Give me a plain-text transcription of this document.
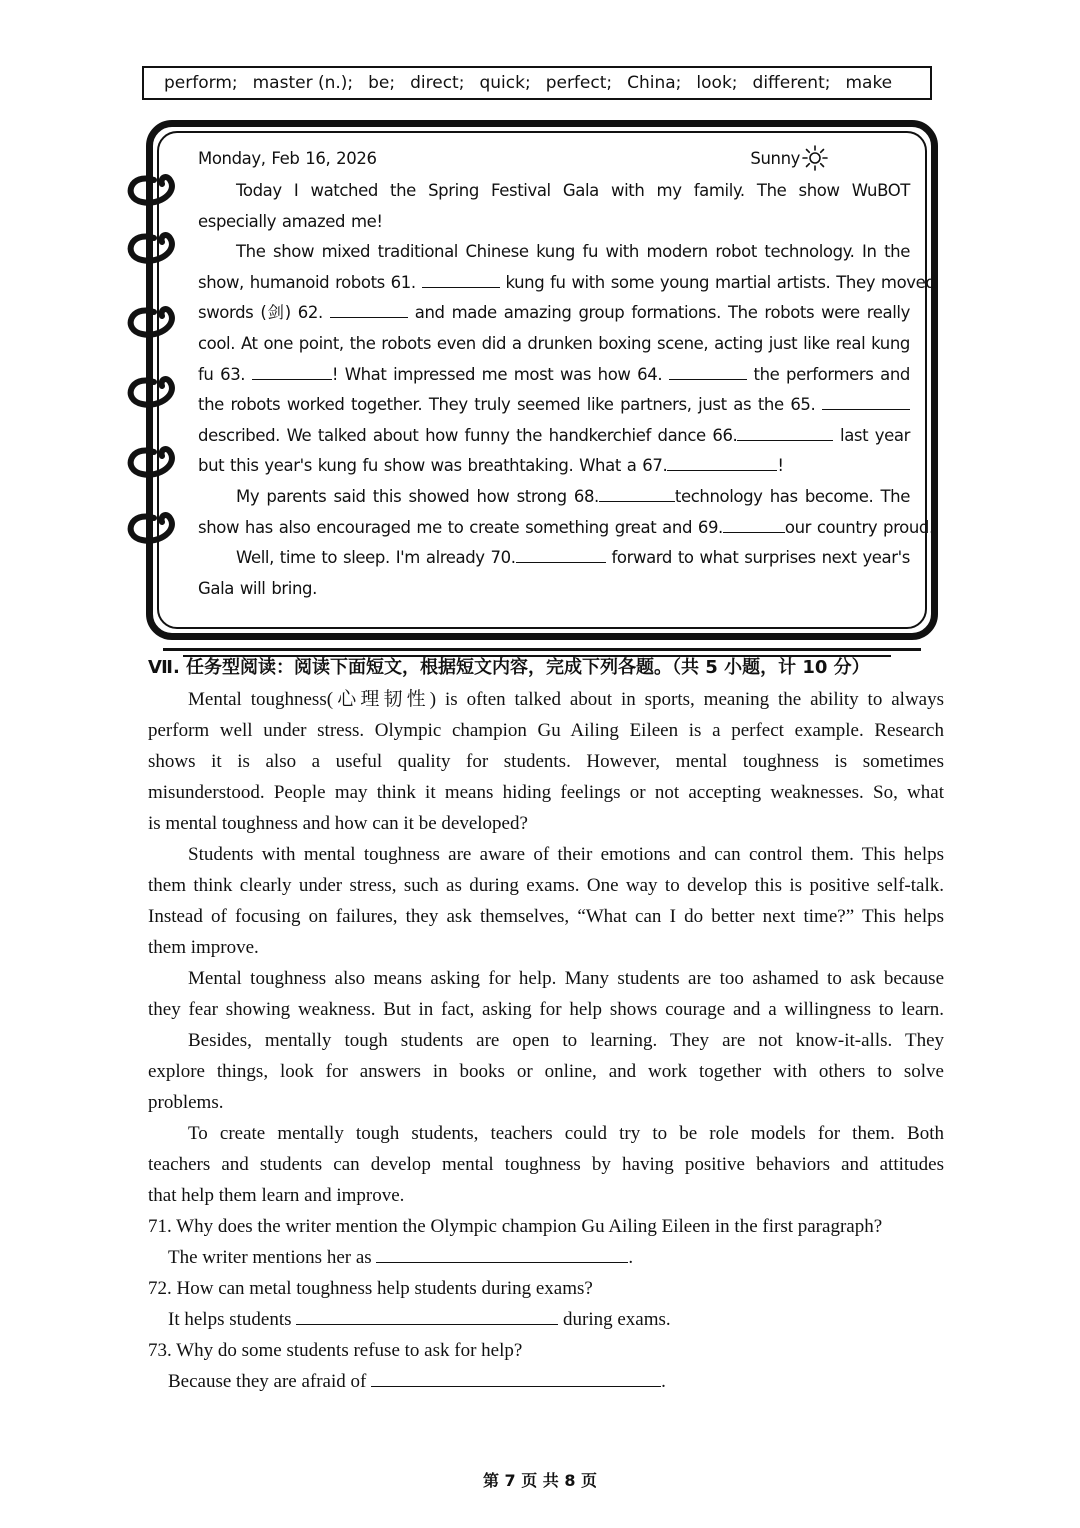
perform; master (n.); be; direct; quick; perfect; China; look; different; make
Monday, Feb 16, 2026	Sunny
Today I watched the Spring Festival Gala with my family. The show WuBOT
especially amazed me!
The show mixed traditional Chinese kung fu with modern robot technology. In the
show, humanoid robots 61.	kung fu with some young martial artists. They moved
swords (剑) 62.	and made amazing group formations. The robots were really
cool. At one point, the robots even did a drunken boxing scene, acting just like real kung
fu 63.	! What impressed me most was how 64.	the performers and
the robots worked together. They truly seemed like partners, just as the 65.
described. We talked about how funny the handkerchief dance 66.	last year
but this year's kung fu show was breathtaking. What a 67.	!
My parents said this showed how strong 68.	technology has become. The
show has also encouraged me to create something great and 69.	our country proud.
Well, time to sleep. I'm already 70.	forward to what surprises next year's
Gala will bring.
Ⅶ. 任务型阅读：阅读下面短文，根据短文内容，完成下列各题。（共 5 小题，计 10 分）
Mental toughness(心理韧性) is often talked about in sports, meaning the ability to always
perform well under stress. Olympic champion Gu Ailing Eileen is a perfect example. Research
shows it is also a useful quality for students. However, mental toughness is sometimes
misunderstood. People may think it means hiding feelings or not accepting weaknesses. So, what
is mental toughness and how can it be developed?
Students with mental toughness are aware of their emotions and can control them. This helps
them think clearly under stress, such as during exams. One way to develop this is positive self-talk.
Instead of focusing on failures, they ask themselves, “What can I do better next time?” This helps
them improve.
Mental toughness also means asking for help. Many students are too ashamed to ask because
they fear showing weakness. But in fact, asking for help shows courage and a willingness to learn.
Besides, mentally tough students are open to learning. They are not know-it-alls. They
explore things, look for answers in books or online, and work together with others to solve
problems.
To create mentally tough students, teachers could try to be role models for them. Both
teachers and students can develop mental toughness by having positive behaviors and attitudes
that help them learn and improve.
71. Why does the writer mention the Olympic champion Gu Ailing Eileen in the first paragraph?
The writer mentions her as	.
72. How can metal toughness help students during exams?
It helps students	during exams.
73. Why do some students refuse to ask for help?
Because they are afraid of	.
第 7 页 共 8 页
